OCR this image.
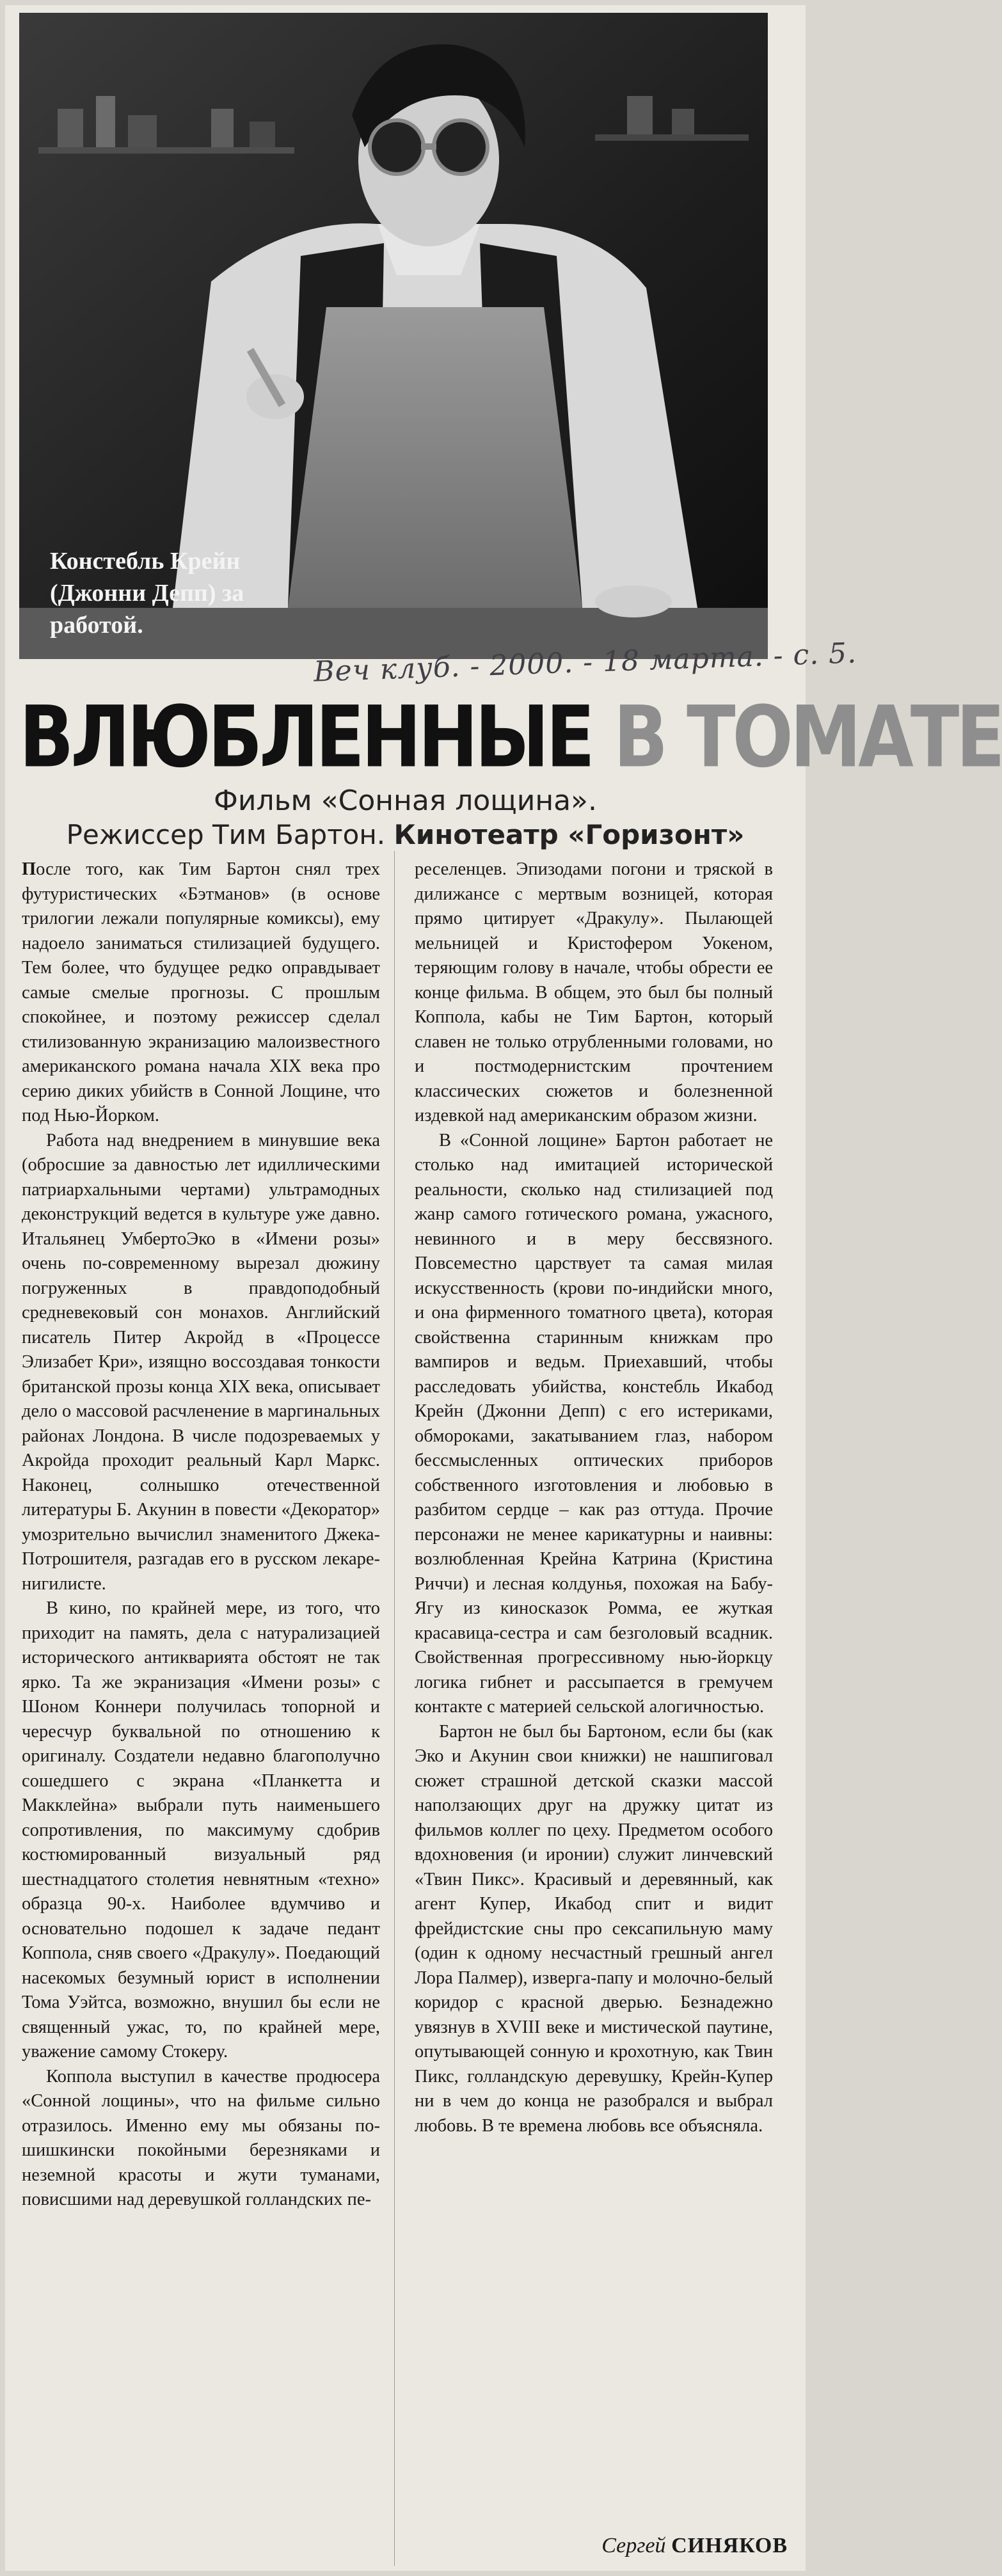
Констебль Крейн
(Джонни Депп) за
работой.
Веч клуб. - 2000. - 18 марта. - с. 5.
ВЛЮБЛЕННЫЕ В ТОМАТЕ
Фильм «Сонная лощина».
Режиссер Тим Бартон. Кинотеатр «Горизонт»

После того, как Тим Бартон снял трех футуристических «Бэтманов» (в основе трилогии лежали популярные комиксы), ему надоело заниматься стилизацией будущего. Тем более, что будущее редко оправдывает самые смелые прогнозы. С прошлым спокойнее, и поэтому режиссер сделал стилизованную экранизацию малоизвестного американского романа начала XIX века про серию диких убийств в Сонной Лощине, что под Нью-Йорком.

Работа над внедрением в минувшие века (обросшие за давностью лет идиллическими патриархальными чертами) ультрамодных деконструкций ведется в культуре уже давно. Итальянец УмбертоЭко в «Имени розы» очень по-современному вырезал дюжину погруженных в правдоподобный средневековый сон монахов. Английский писатель Питер Акройд в «Процессе Элизабет Кри», изящно воссоздавая тонкости британской прозы конца XIX века, описывает дело о массовой расчленение в маргинальных районах Лондона. В числе подозреваемых у Акройда проходит реальный Карл Маркс. Наконец, солнышко отечественной литературы Б. Акунин в повести «Декоратор» умозрительно вычислил знаменитого Джека-Потрошителя, разгадав его в русском лекаре-нигилисте.

В кино, по крайней мере, из того, что приходит на память, дела с натурализацией исторического антикварията обстоят не так ярко. Та же экранизация «Имени розы» с Шоном Коннери получилась топорной и чересчур буквальной по отношению к оригиналу. Создатели недавно благополучно сошедшего с экрана «Планкетта и Макклейна» выбрали путь наименьшего сопротивления, по максимуму сдобрив костюмированный визуальный ряд шестнадцатого столетия невнятным «техно» образца 90-х. Наиболее вдумчиво и основательно подошел к задаче педант Коппола, сняв своего «Дракулу». Поедающий насекомых безумный юрист в исполнении Тома Уэйтса, возможно, внушил бы если не священный ужас, то, по крайней мере, уважение самому Стокеру.

Коппола выступил в качестве продюсера «Сонной лощины», что на фильме сильно отразилось. Именно ему мы обязаны по-шишкински покойными березняками и неземной красоты и жути туманами, повисшими над деревушкой голландских пе-

реселенцев. Эпизодами погони и тряской в дилижансе с мертвым возницей, которая прямо цитирует «Дракулу». Пылающей мельницей и Кристофером Уокеном, теряющим голову в начале, чтобы обрести ее конце фильма. В общем, это был бы полный Коппола, кабы не Тим Бартон, который славен не только отрубленными головами, но и постмодернистским прочтением классических сюжетов и болезненной издевкой над американским образом жизни.

В «Сонной лощине» Бартон работает не столько над имитацией исторической реальности, сколько над стилизацией под жанр самого готического романа, ужасного, невинного и в меру бессвязного. Повсеместно царствует та самая милая искусственность (крови по-индийски много, и она фирменного томатного цвета), которая свойственна старинным книжкам про вампиров и ведьм. Приехавший, чтобы расследовать убийства, констебль Икабод Крейн (Джонни Депп) с его истериками, обмороками, закатыванием глаз, набором бессмысленных оптических приборов собственного изготовления и любовью в разбитом сердце – как раз оттуда. Прочие персонажи не менее карикатурны и наивны: возлюбленная Крейна Катрина (Кристина Риччи) и лесная колдунья, похожая на Бабу-Ягу из киносказок Ромма, ее жуткая красавица-сестра и сам безголовый всадник. Свойственная прогрессивному нью-йоркцу логика гибнет и рассыпается в гремучем контакте с материей сельской алогичностью.

Бартон не был бы Бартоном, если бы (как Эко и Акунин свои книжки) не нашпиговал сюжет страшной детской сказки массой наползающих друг на дружку цитат из фильмов коллег по цеху. Предметом особого вдохновения (и иронии) служит линчевский «Твин Пикс». Красивый и деревянный, как агент Купер, Икабод спит и видит фрейдистские сны про сексапильную маму (один к одному несчастный грешный ангел Лора Палмер), изверга-папу и молочно-белый коридор с красной дверью. Безнадежно увязнув в XVIII веке и мистической паутине, опутывающей сонную и крохотную, как Твин Пикс, голландскую деревушку, Крейн-Купер ни в чем до конца не разобрался и выбрал любовь. В те времена любовь все объясняла.

Сергей СИНЯКОВ
